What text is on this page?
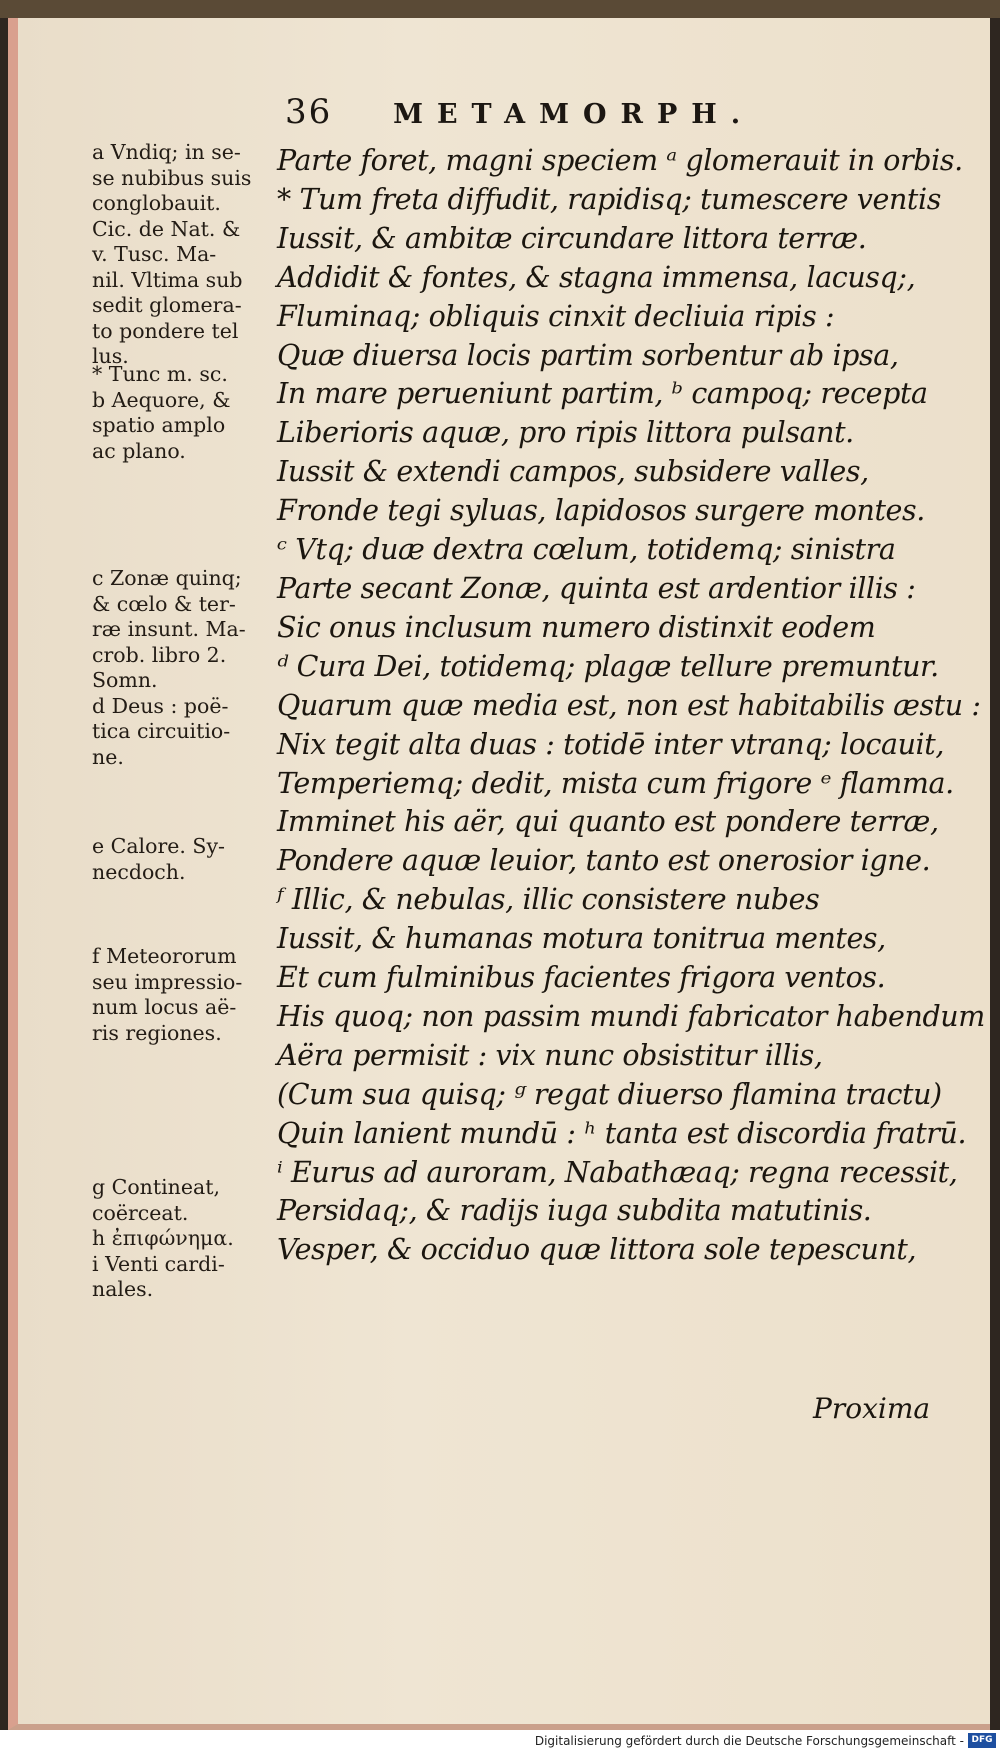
36 METAMORPH.

a Vndiq; in se-
se nubibus suis
conglobauit.
Cic. de Nat. &
v. Tusc. Ma-
nil. Vltima sub
sedit glomera-
to pondere tel
lus.

* Tunc m. sc.
b Aequore, &
spatio amplo
ac plano.

c Zonæ quinq;
& cœlo & ter-
ræ insunt. Ma-
crob. libro 2.
Somn.
d Deus : poë-
tica circuitio-
ne.

e Calore. Sy-
necdoch.

f Meteororum
seu impressio-
num locus aë-
ris regiones.

g Contineat,
coërceat.
h ἐπιφώνημα.
i Venti cardi-
nales.

Parte foret, magni speciem ᵃ glomerauit in orbis.
* Tum freta diffudit, rapidisq; tumescere ventis
Iussit, & ambitæ circundare littora terræ.
Addidit & fontes, & stagna immensa, lacusq;,
Fluminaq; obliquis cinxit decliuia ripis :
Quæ diuersa locis partim sorbentur ab ipsa,
In mare perueniunt partim, ᵇ campoq; recepta
Liberioris aquæ, pro ripis littora pulsant.
Iussit & extendi campos, subsidere valles,
Fronde tegi syluas, lapidosos surgere montes.
ᶜ Vtq; duæ dextra cœlum, totidemq; sinistra
Parte secant Zonæ, quinta est ardentior illis :
Sic onus inclusum numero distinxit eodem
ᵈ Cura Dei, totidemq; plagæ tellure premuntur.
Quarum quæ media est, non est habitabilis æstu :
Nix tegit alta duas : totidē inter vtranq; locauit,
Temperiemq; dedit, mista cum frigore ᵉ flamma.
Imminet his aër, qui quanto est pondere terræ,
Pondere aquæ leuior, tanto est onerosior igne.
ᶠ Illic, & nebulas, illic consistere nubes
Iussit, & humanas motura tonitrua mentes,
Et cum fulminibus facientes frigora ventos.
His quoq; non passim mundi fabricator habendum
Aëra permisit : vix nunc obsistitur illis,
(Cum sua quisq; ᵍ regat diuerso flamina tractu)
Quin lanient mundū : ʰ tanta est discordia fratrū.
ⁱ Eurus ad auroram, Nabathæaq; regna recessit,
Persidaq;, & radijs iuga subdita matutinis.
Vesper, & occiduo quæ littora sole tepescunt,
Proxima
Digitalisierung gefördert durch die Deutsche Forschungsgemeinschaft - DFG
